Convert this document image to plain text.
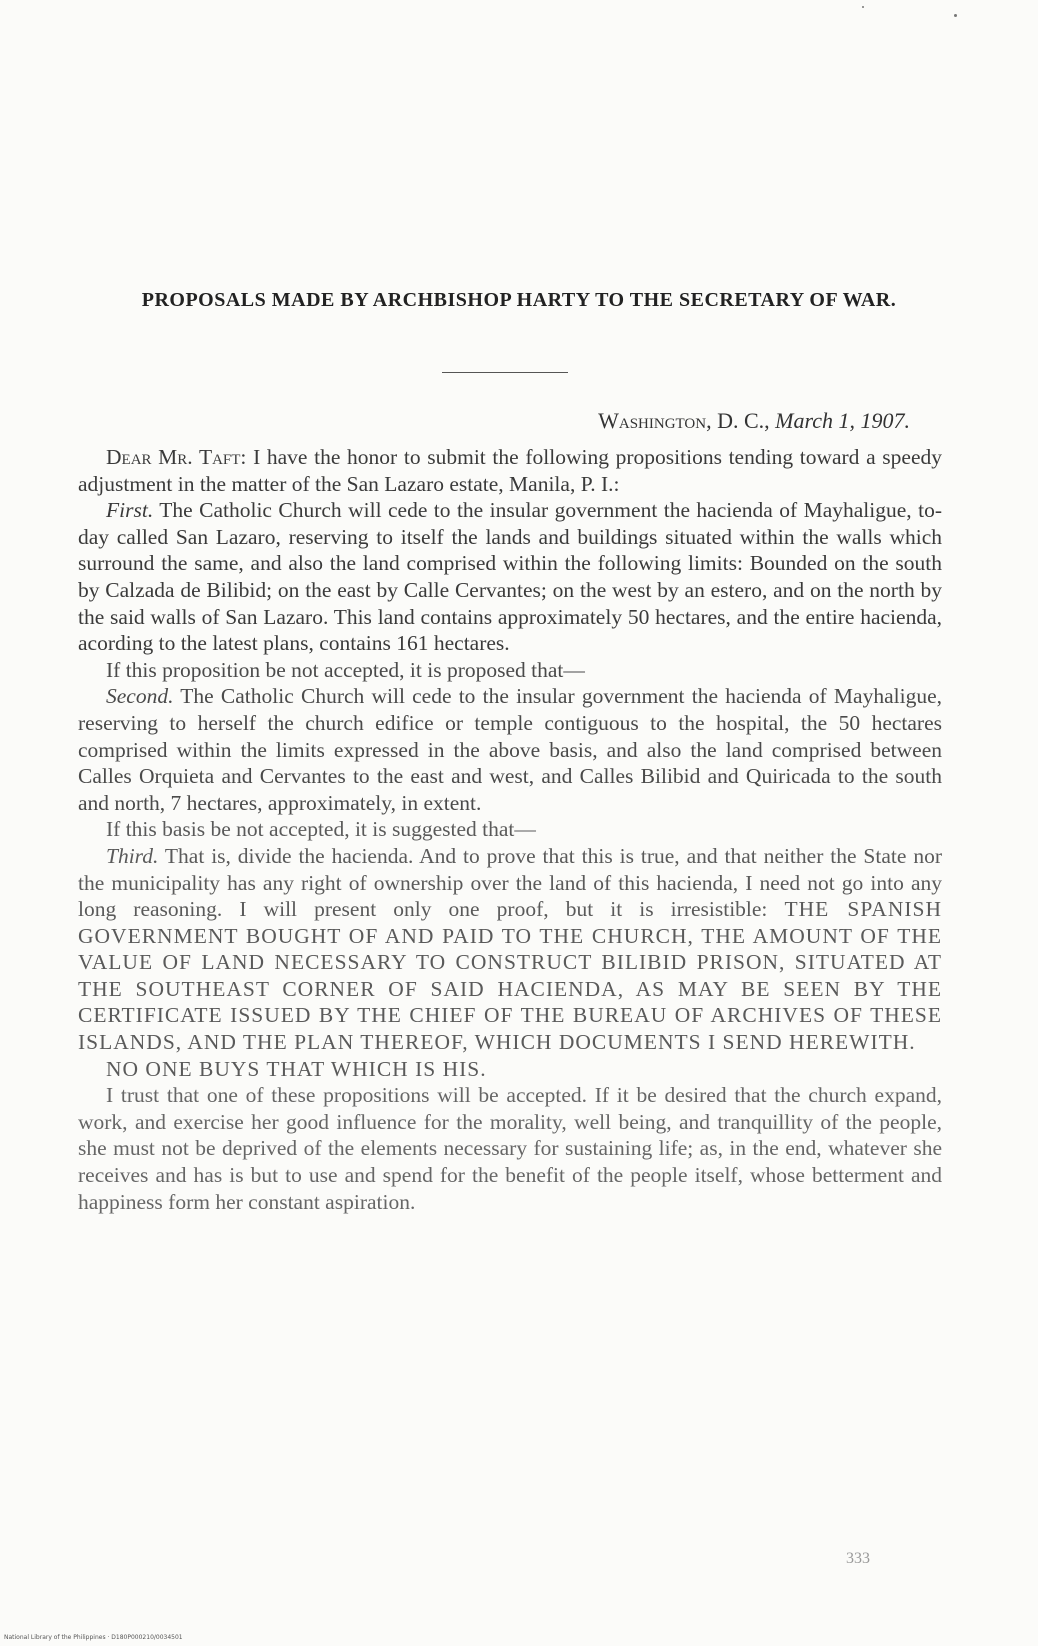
PROPOSALS MADE BY ARCHBISHOP HARTY TO THE SECRETARY OF WAR.
Washington, D. C., March 1, 1907.

Dear Mr. Taft: I have the honor to submit the following propositions tending toward a speedy adjustment in the matter of the San Lazaro estate, Manila, P. I.:

First. The Catholic Church will cede to the insular government the hacienda of Mayhaligue, to-day called San Lazaro, reserving to itself the lands and buildings situated within the walls which surround the same, and also the land comprised within the following limits: Bounded on the south by Calzada de Bilibid; on the east by Calle Cervantes; on the west by an estero, and on the north by the said walls of San Lazaro. This land contains approximately 50 hectares, and the entire hacienda, acording to the latest plans, contains 161 hectares.

If this proposition be not accepted, it is proposed that—

Second. The Catholic Church will cede to the insular government the hacienda of Mayhaligue, reserving to herself the church edifice or temple contiguous to the hospital, the 50 hectares comprised within the limits expressed in the above basis, and also the land comprised between Calles Orquieta and Cervantes to the east and west, and Calles Bilibid and Quiricada to the south and north, 7 hectares, approximately, in extent.

If this basis be not accepted, it is suggested that—

Third. That is, divide the hacienda. And to prove that this is true, and that neither the State nor the municipality has any right of ownership over the land of this hacienda, I need not go into any long reasoning. I will present only one proof, but it is irresistible: THE SPANISH GOVERNMENT BOUGHT OF AND PAID TO THE CHURCH, THE AMOUNT OF THE VALUE OF LAND NECESSARY TO CONSTRUCT BILIBID PRISON, SITUATED AT THE SOUTHEAST CORNER OF SAID HACIENDA, AS MAY BE SEEN BY THE CERTIFICATE ISSUED BY THE CHIEF OF THE BUREAU OF ARCHIVES OF THESE ISLANDS, AND THE PLAN THEREOF, WHICH DOCUMENTS I SEND HEREWITH.

NO ONE BUYS THAT WHICH IS HIS.

I trust that one of these propositions will be accepted. If it be desired that the church expand, work, and exercise her good influence for the morality, well being, and tranquillity of the people, she must not be deprived of the elements necessary for sustaining life; as, in the end, whatever she receives and has is but to use and spend for the benefit of the people itself, whose betterment and happiness form her constant aspiration.

333
National Library of the Philippines · D180P000210/0034501
